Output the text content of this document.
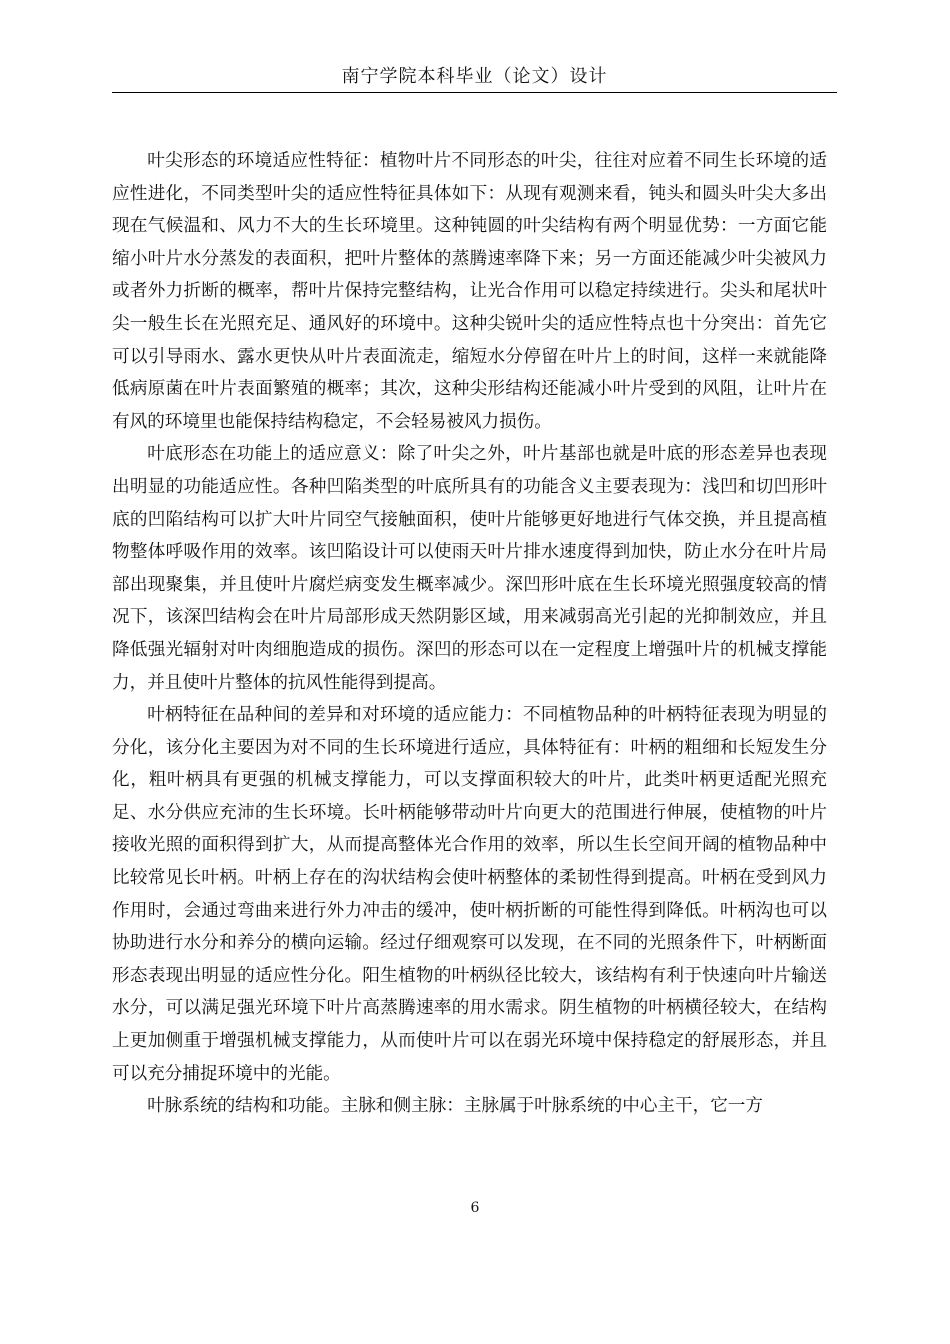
南宁学院本科毕业（论文）设计

叶尖形态的环境适应性特征：植物叶片不同形态的叶尖，往往对应着不同生长环境的适应性进化，不同类型叶尖的适应性特征具体如下：从现有观测来看，钝头和圆头叶尖大多出现在气候温和、风力不大的生长环境里。这种钝圆的叶尖结构有两个明显优势：一方面它能缩小叶片水分蒸发的表面积，把叶片整体的蒸腾速率降下来；另一方面还能减少叶尖被风力或者外力折断的概率，帮叶片保持完整结构，让光合作用可以稳定持续进行。尖头和尾状叶尖一般生长在光照充足、通风好的环境中。这种尖锐叶尖的适应性特点也十分突出：首先它可以引导雨水、露水更快从叶片表面流走，缩短水分停留在叶片上的时间，这样一来就能降低病原菌在叶片表面繁殖的概率；其次，这种尖形结构还能减小叶片受到的风阻，让叶片在有风的环境里也能保持结构稳定，不会轻易被风力损伤。

叶底形态在功能上的适应意义：除了叶尖之外，叶片基部也就是叶底的形态差异也表现出明显的功能适应性。各种凹陷类型的叶底所具有的功能含义主要表现为：浅凹和切凹形叶底的凹陷结构可以扩大叶片同空气接触面积，使叶片能够更好地进行气体交换，并且提高植物整体呼吸作用的效率。该凹陷设计可以使雨天叶片排水速度得到加快，防止水分在叶片局部出现聚集，并且使叶片腐烂病变发生概率减少。深凹形叶底在生长环境光照强度较高的情况下，该深凹结构会在叶片局部形成天然阴影区域，用来减弱高光引起的光抑制效应，并且降低强光辐射对叶肉细胞造成的损伤。深凹的形态可以在一定程度上增强叶片的机械支撑能力，并且使叶片整体的抗风性能得到提高。

叶柄特征在品种间的差异和对环境的适应能力：不同植物品种的叶柄特征表现为明显的分化，该分化主要因为对不同的生长环境进行适应，具体特征有：叶柄的粗细和长短发生分化，粗叶柄具有更强的机械支撑能力，可以支撑面积较大的叶片，此类叶柄更适配光照充足、水分供应充沛的生长环境。长叶柄能够带动叶片向更大的范围进行伸展，使植物的叶片接收光照的面积得到扩大，从而提高整体光合作用的效率，所以生长空间开阔的植物品种中比较常见长叶柄。叶柄上存在的沟状结构会使叶柄整体的柔韧性得到提高。叶柄在受到风力作用时，会通过弯曲来进行外力冲击的缓冲，使叶柄折断的可能性得到降低。叶柄沟也可以协助进行水分和养分的横向运输。经过仔细观察可以发现，在不同的光照条件下，叶柄断面形态表现出明显的适应性分化。阳生植物的叶柄纵径比较大，该结构有利于快速向叶片输送水分，可以满足强光环境下叶片高蒸腾速率的用水需求。阴生植物的叶柄横径较大，在结构上更加侧重于增强机械支撑能力，从而使叶片可以在弱光环境中保持稳定的舒展形态，并且可以充分捕捉环境中的光能。

叶脉系统的结构和功能。主脉和侧主脉：主脉属于叶脉系统的中心主干，它一方

6
